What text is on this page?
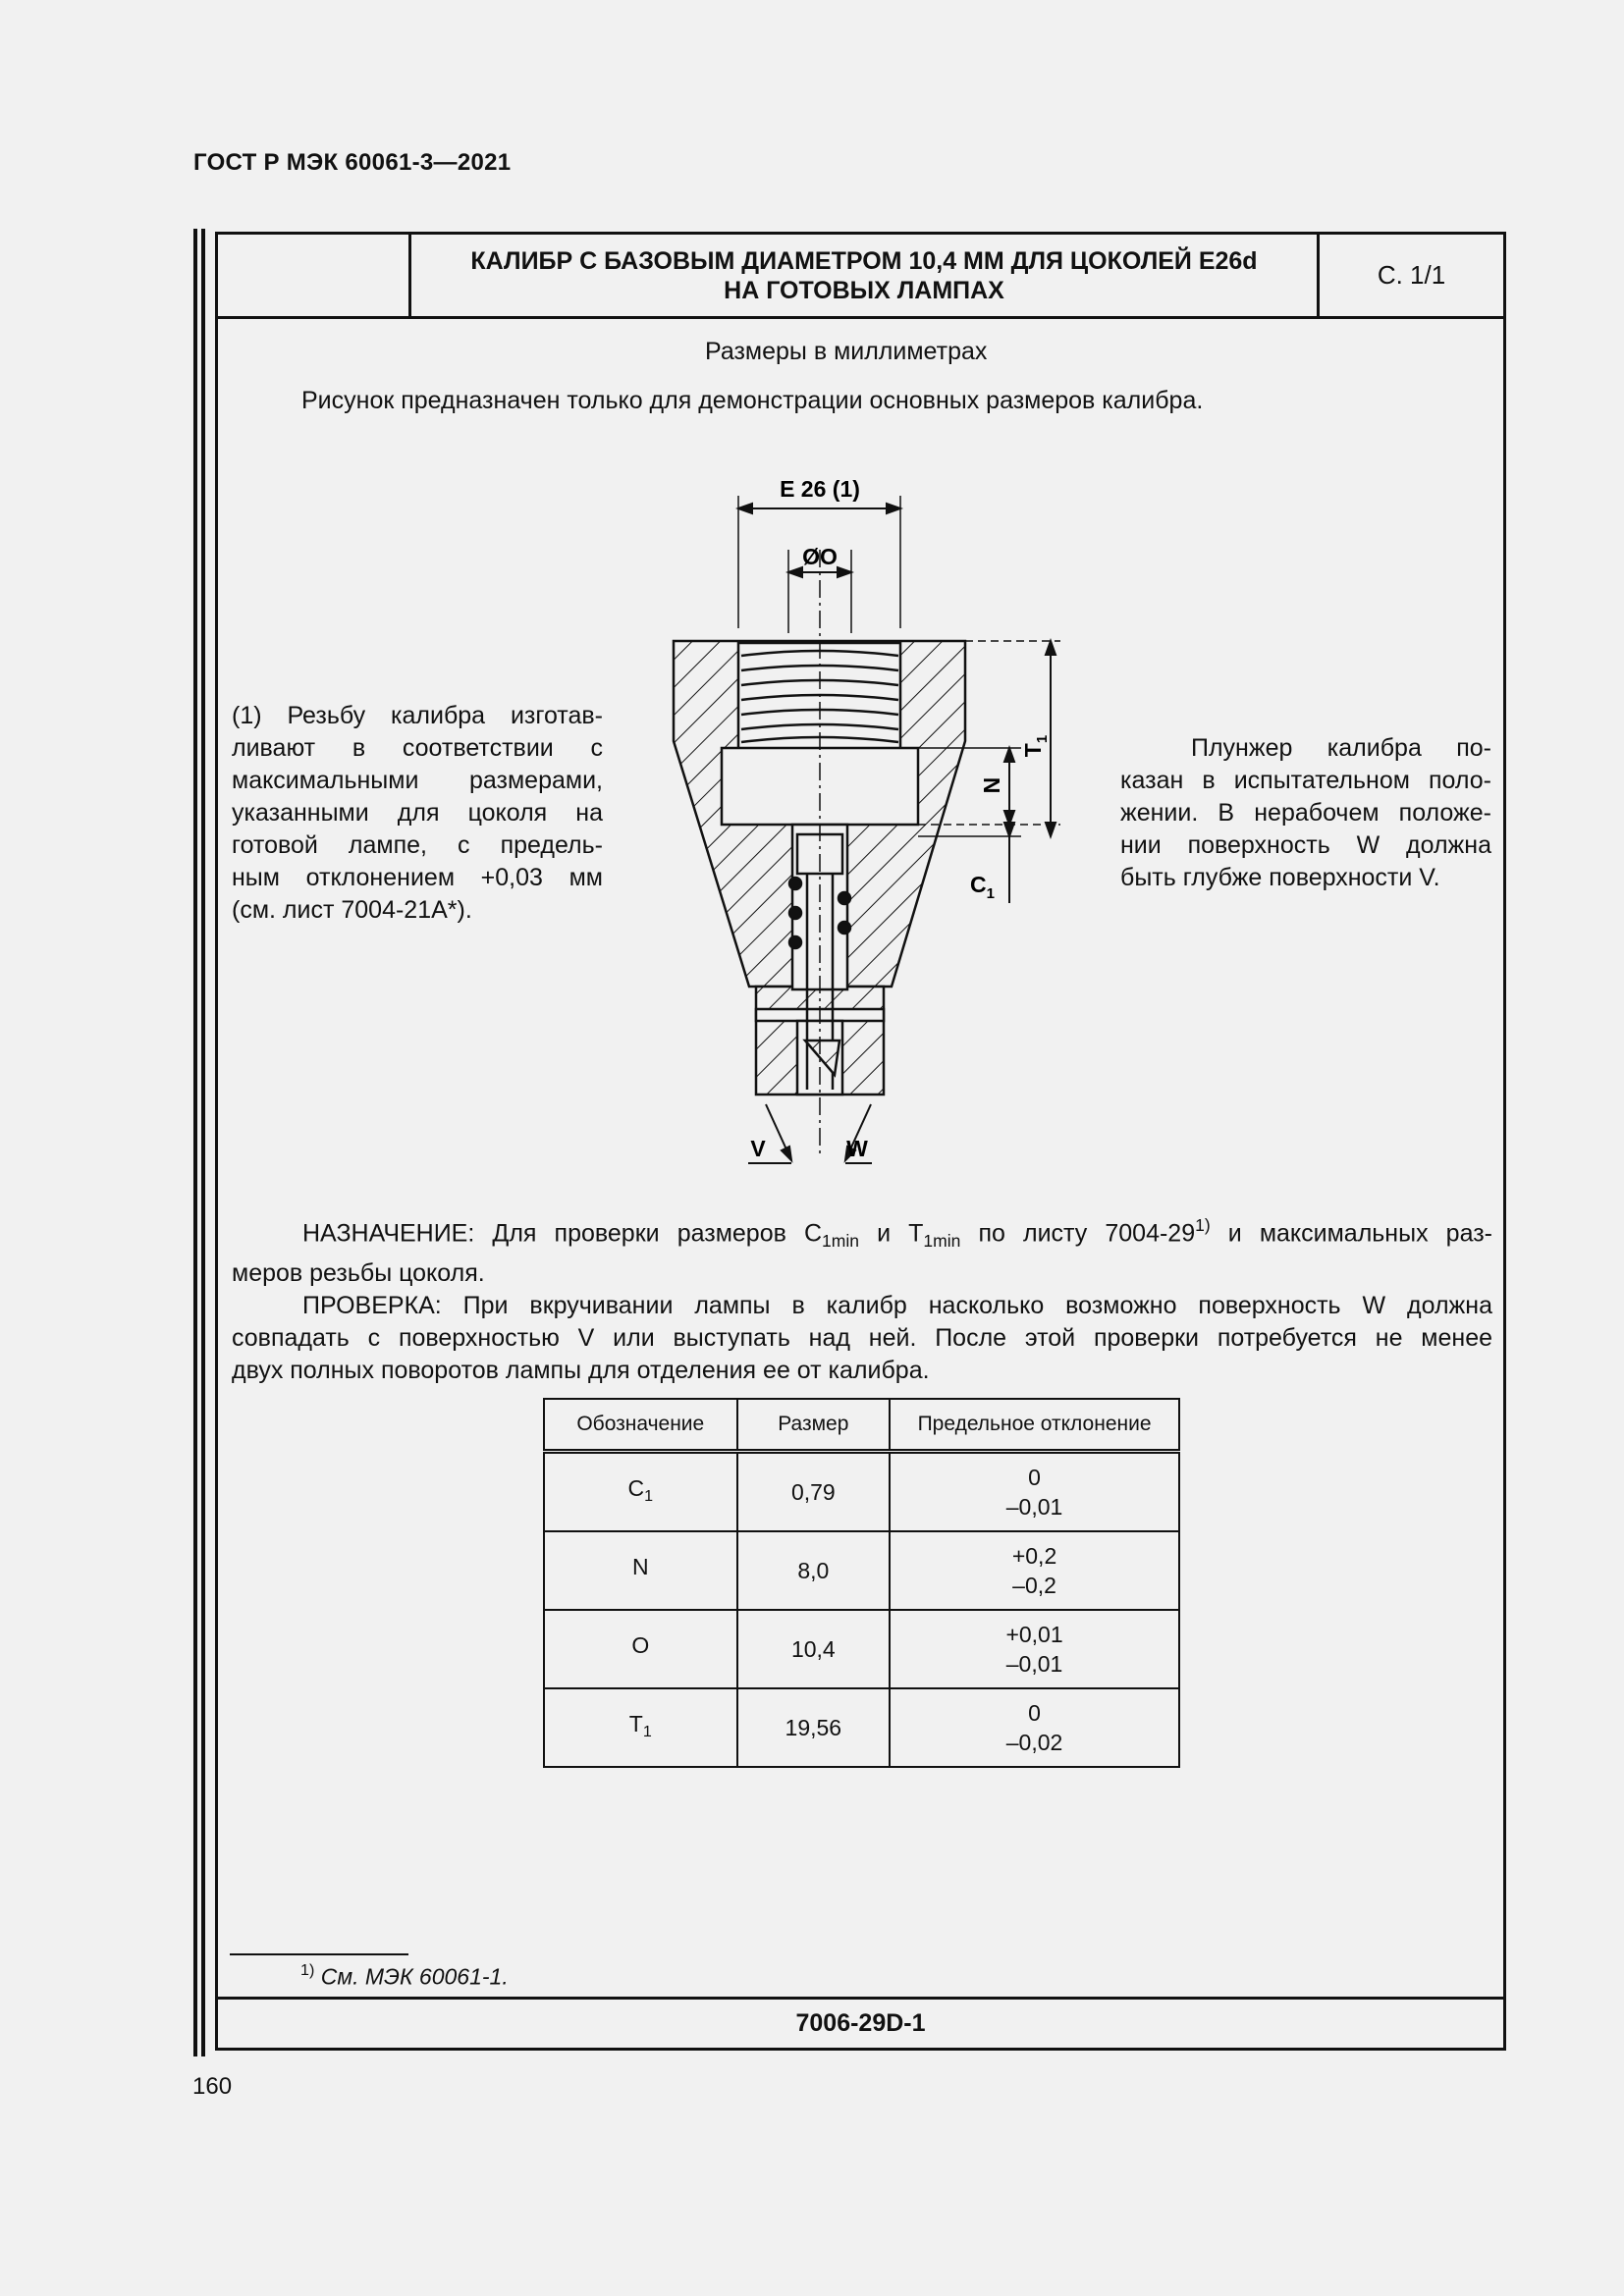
ГОСТ Р МЭК 60061-3—2021
КАЛИБР С БАЗОВЫМ ДИАМЕТРОМ 10,4 ММ ДЛЯ ЦОКОЛЕЙ E26d
НА ГОТОВЫХ ЛАМПАХ
С. 1/1
7006-29D-1
Размеры в миллиметрах
Рисунок предназначен только для демонстрации основных размеров калибра.
E 26 (1)
ØO
$T_1$
N
$C_1$
V	W
(1) Резьбу калибра изготав-
ливают в соответствии с
максимальными размерами,
указанными для цоколя на
готовой лампе, с предель-
ным отклонением +0,03 мм
(см. лист 7004-21А*).
Плунжер калибра по-
казан в испытательном поло-
жении. В нерабочем положе-
нии поверхность W должна
быть глубже поверхности V.
НАЗНАЧЕНИЕ: Для проверки размеров $С_{1min}$ и $Т_{1min}$ по листу 7004-29$^{1)}$ и максимальных раз-
меров резьбы цоколя.
ПРОВЕРКА: При вкручивании лампы в калибр насколько возможно поверхность W должна
совпадать с поверхностью V или выступать над ней. После этой проверки потребуется не менее
двух полных поворотов лампы для отделения ее от калибра.
Обозначение	Размер	Предельное отклонение
$C_1$	0,79	0
–0,01

N	8,0	+0,2
–0,2

O	10,4	+0,01
–0,01

$T_1$	19,56	0
–0,02
$^{1)}$ См. МЭК 60061-1.
160
